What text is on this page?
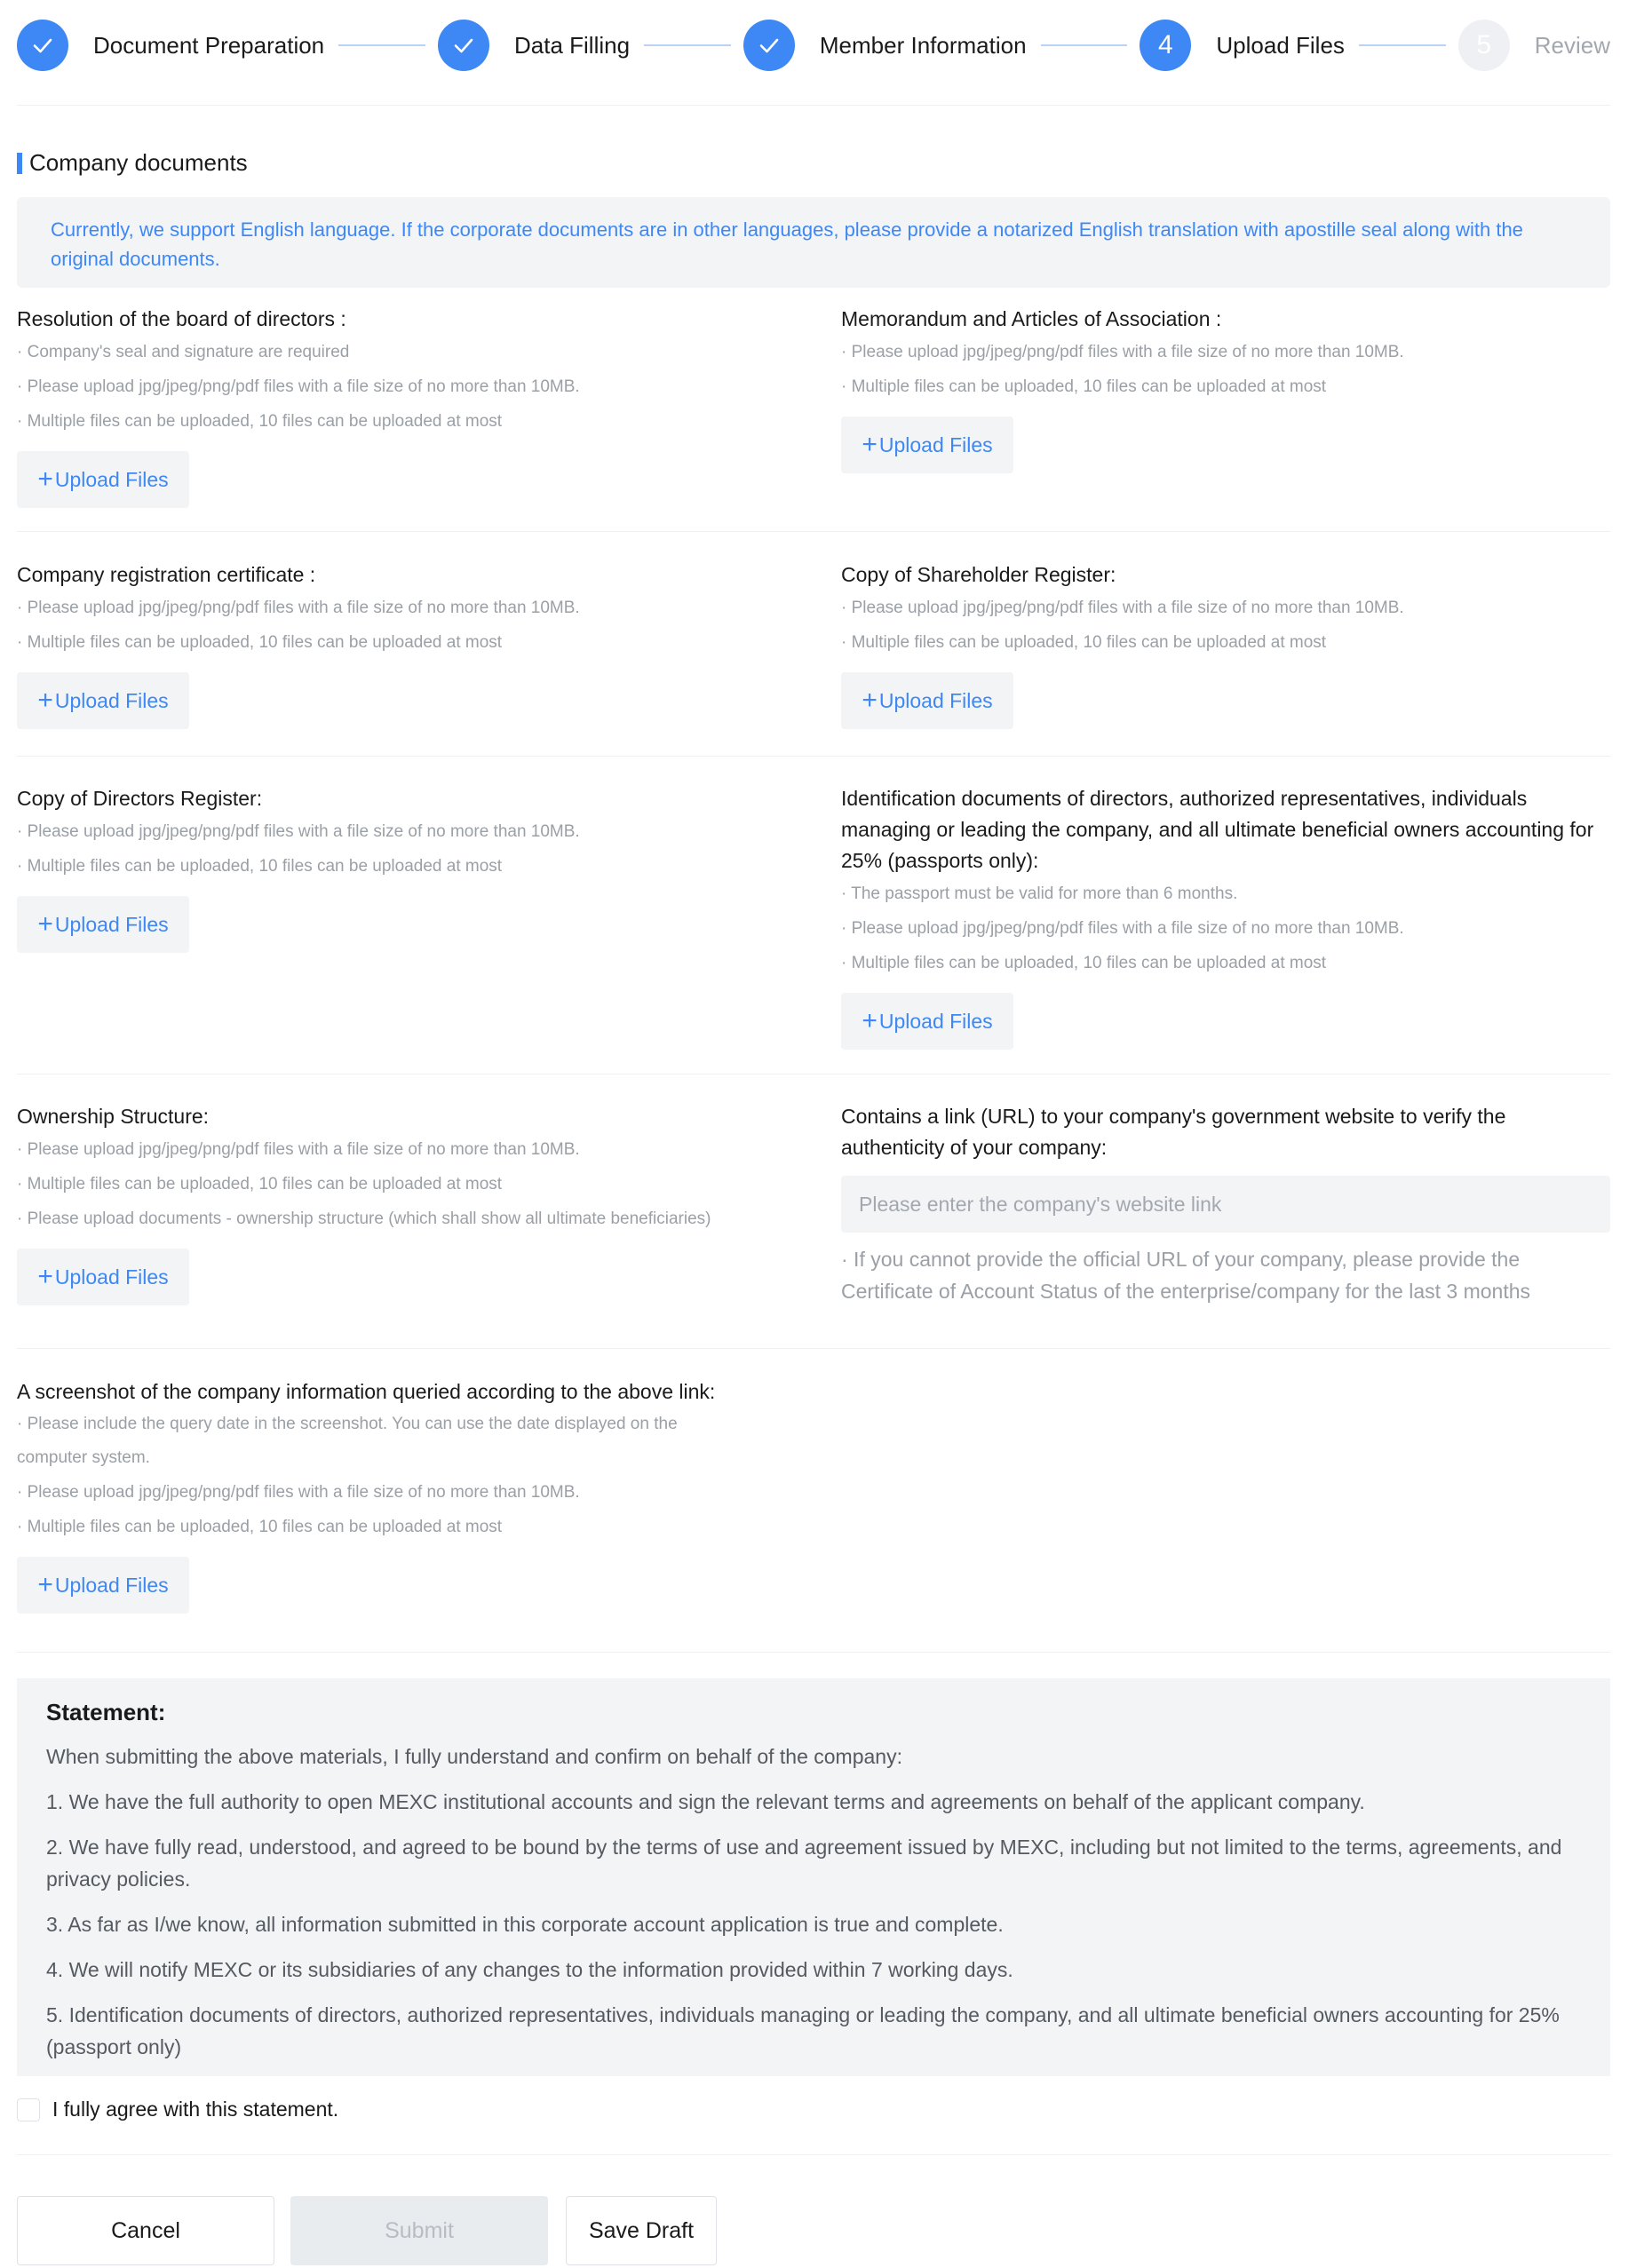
Document Preparation	Data Filling	Member Information	4	Upload Files	5	Review
Company documents
Currently, we support English language. If the corporate documents are in other languages, please provide a notarized English translation with apostille seal along with the original documents.
Resolution of the board of directors :
· Company's seal and signature are required
· Please upload jpg/jpeg/png/pdf files with a file size of no more than 10MB.
· Multiple files can be uploaded, 10 files can be uploaded at most
+ Upload Files
Memorandum and Articles of Association :
· Please upload jpg/jpeg/png/pdf files with a file size of no more than 10MB.
· Multiple files can be uploaded, 10 files can be uploaded at most
+ Upload Files
Company registration certificate :
· Please upload jpg/jpeg/png/pdf files with a file size of no more than 10MB.
· Multiple files can be uploaded, 10 files can be uploaded at most
+ Upload Files
Copy of Shareholder Register:
· Please upload jpg/jpeg/png/pdf files with a file size of no more than 10MB.
· Multiple files can be uploaded, 10 files can be uploaded at most
+ Upload Files
Copy of Directors Register:
· Please upload jpg/jpeg/png/pdf files with a file size of no more than 10MB.
· Multiple files can be uploaded, 10 files can be uploaded at most
+ Upload Files
Identification documents of directors, authorized representatives, individuals managing or leading the company, and all ultimate beneficial owners accounting for 25% (passports only):
· The passport must be valid for more than 6 months.
· Please upload jpg/jpeg/png/pdf files with a file size of no more than 10MB.
· Multiple files can be uploaded, 10 files can be uploaded at most
+ Upload Files
Ownership Structure:
· Please upload jpg/jpeg/png/pdf files with a file size of no more than 10MB.
· Multiple files can be uploaded, 10 files can be uploaded at most
· Please upload documents - ownership structure (which shall show all ultimate beneficiaries)
+ Upload Files
Contains a link (URL) to your company's government website to verify the authenticity of your company:
Please enter the company's website link
· If you cannot provide the official URL of your company, please provide the Certificate of Account Status of the enterprise/company for the last 3 months
A screenshot of the company information queried according to the above link:
· Please include the query date in the screenshot. You can use the date displayed on the computer system.
· Please upload jpg/jpeg/png/pdf files with a file size of no more than 10MB.
· Multiple files can be uploaded, 10 files can be uploaded at most
+ Upload Files
Statement:

When submitting the above materials, I fully understand and confirm on behalf of the company:

1. We have the full authority to open MEXC institutional accounts and sign the relevant terms and agreements on behalf of the applicant company.

2. We have fully read, understood, and agreed to be bound by the terms of use and agreement issued by MEXC, including but not limited to the terms, agreements, and privacy policies.

3. As far as I/we know, all information submitted in this corporate account application is true and complete.

4. We will notify MEXC or its subsidiaries of any changes to the information provided within 7 working days.

5. Identification documents of directors, authorized representatives, individuals managing or leading the company, and all ultimate beneficial owners accounting for 25% (passport only)

I fully agree with this statement.
Cancel	Submit	Save Draft
